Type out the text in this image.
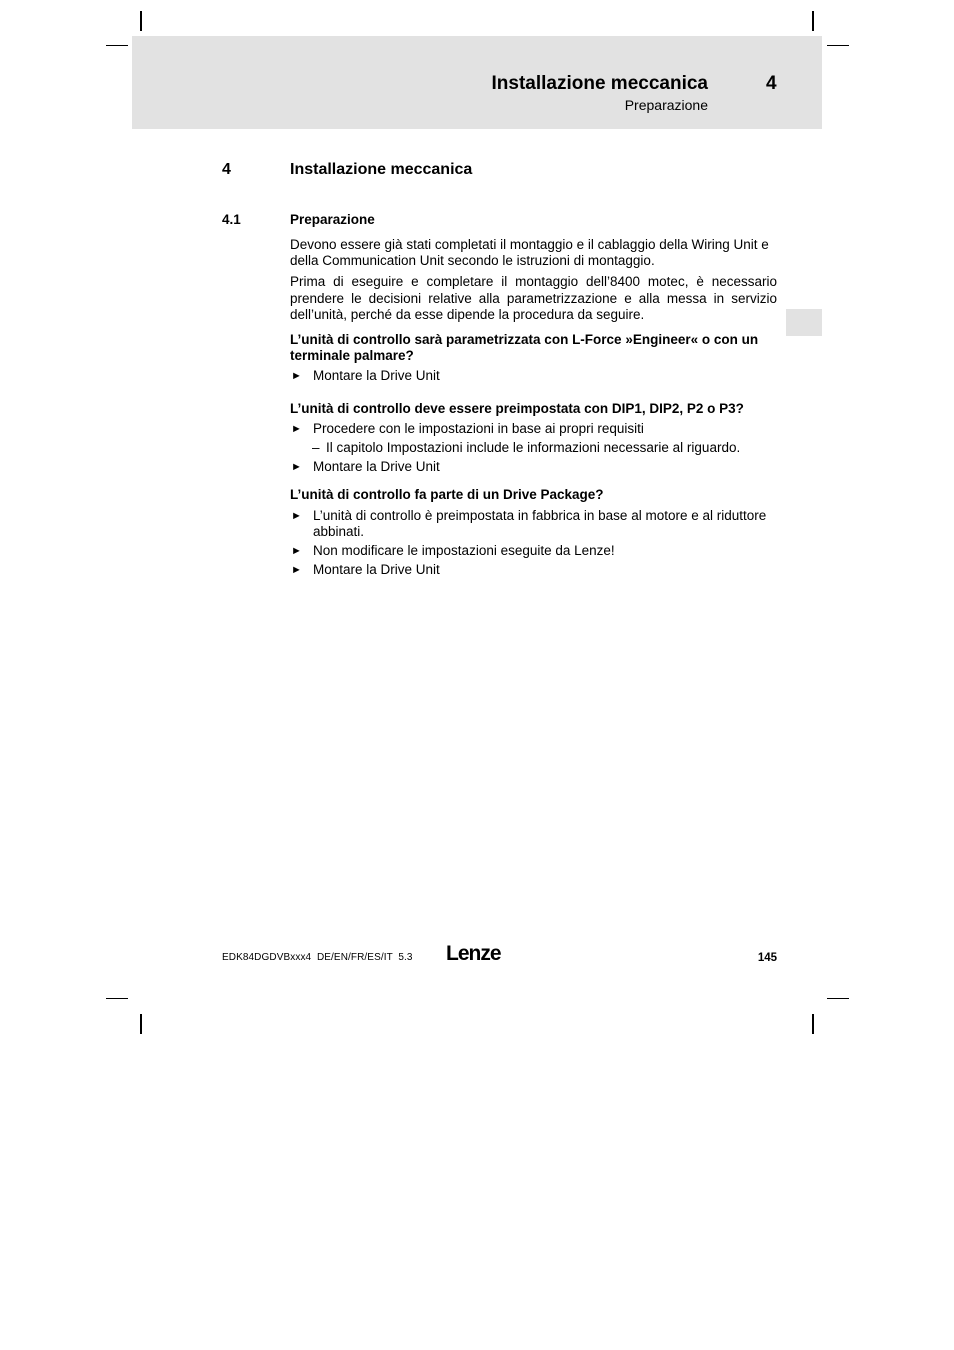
Installazione meccanica	4
Preparazione
4	Installazione meccanica
4.1	Preparazione

Devono essere già stati completati il montaggio e il cablaggio della Wiring Unit e della Communication Unit secondo le istruzioni di montaggio.

Prima di eseguire e completare il montaggio dell’8400 motec, è necessario prendere le decisioni relative alla parametrizzazione e alla messa in servizio dell’unità, perché da esse dipende la procedura da seguire.

L’unità di controllo sarà parametrizzata con L-Force »Engineer« o con un terminale palmare?
► Montare la Drive Unit
L’unità di controllo deve essere preimpostata con DIP1, DIP2, P2 o P3?
► Procedere con le impostazioni in base ai propri requisiti
– Il capitolo Impostazioni include le informazioni necessarie al riguardo.
► Montare la Drive Unit
L’unità di controllo fa parte di un Drive Package?
► L’unità di controllo è preimpostata in fabbrica in base al motore e al riduttore abbinati.
► Non modificare le impostazioni eseguite da Lenze!
► Montare la Drive Unit
EDK84DGDVBxxx4  DE/EN/FR/ES/IT  5.3 Lenze	145
